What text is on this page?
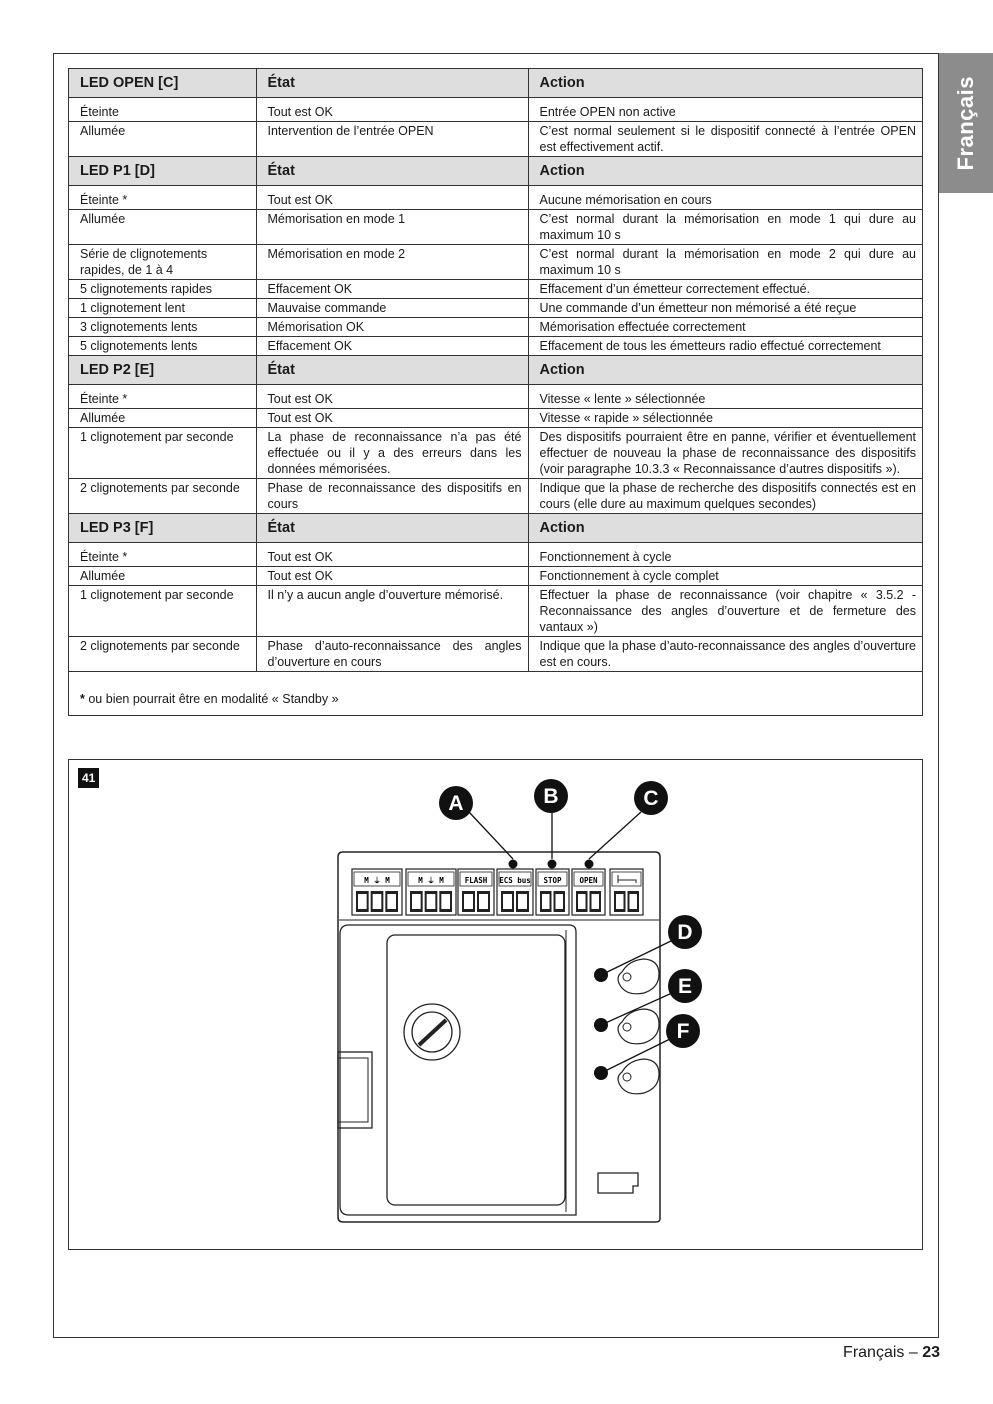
Français
LED OPEN [C]	État	Action

Éteinte	Tout est OK	Entrée OPEN non active
Allumée	Intervention de l’entrée OPEN	C’est normal seulement si le dispositif connecté à l’entrée OPEN est effectivement actif.
LED P1 [D]	État	Action

Éteinte *	Tout est OK	Aucune mémorisation en cours
Allumée	Mémorisation en mode 1	C’est normal durant la mémorisation en mode 1 qui dure au maximum 10 s
Série de clignotements rapides, de 1 à 4	Mémorisation en mode 2	C’est normal durant la mémorisation en mode 2 qui dure au maximum 10 s
5 clignotements rapides	Effacement OK	Effacement d’un émetteur correctement effectué.
1 clignotement lent	Mauvaise commande	Une commande d’un émetteur non mémorisé a été reçue
3 clignotements lents	Mémorisation OK	Mémorisation effectuée correctement
5 clignotements lents	Effacement OK	Effacement de tous les émetteurs radio effectué correctement
LED P2 [E]	État	Action

Éteinte *	Tout est OK	Vitesse « lente » sélectionnée
Allumée	Tout est OK	Vitesse « rapide » sélectionnée
1 clignotement par seconde	La phase de reconnaissance n’a pas été effectuée ou il y a des erreurs dans les données mémorisées.	Des dispositifs pourraient être en panne, vérifier et éventuellement effectuer de nouveau la phase de reconnaissance des dispositifs (voir paragraphe 10.3.3 « Reconnaissance d’autres dispositifs »).
2 clignotements par seconde	Phase de reconnaissance des dispositifs en cours	Indique que la phase de recherche des dispositifs connectés est en cours (elle dure au maximum quelques secondes)
LED P3 [F]	État	Action

Éteinte *	Tout est OK	Fonctionnement à cycle
Allumée	Tout est OK	Fonctionnement à cycle complet
1 clignotement par seconde	Il n’y a aucun angle d’ouverture mémorisé.	Effectuer la phase de reconnaissance (voir chapitre « 3.5.2 - Reconnaissance des angles d’ouverture et de fermeture des vantaux »)
2 clignotements par seconde	Phase d’auto-reconnaissance des angles d’ouverture en cours	Indique que la phase d’auto-reconnaissance des angles d’ouverture est en cours.
* ou bien pourrait être en modalité « Standby »
41
M ⏚ M	M ⏚ M	FLASH ECS bus STOP OPEN
A	B	C
D
E
F
Français – 23
